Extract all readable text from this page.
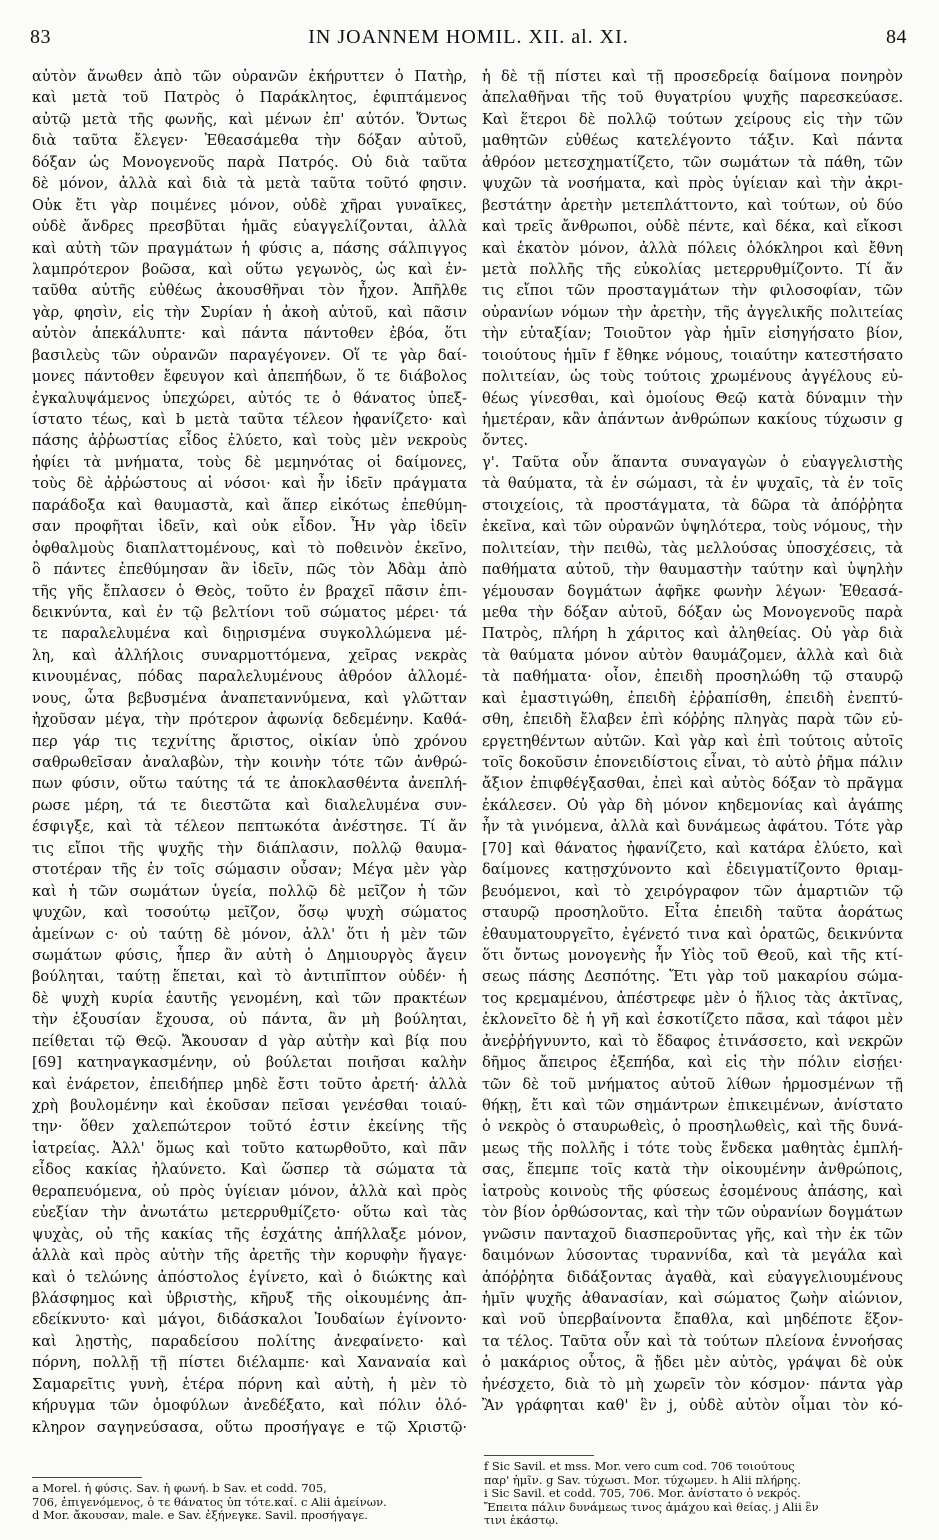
83	IN JOANNEM HOMIL. XII. al. XI.	84
αὐτὸν ἄνωθεν ἀπὸ τῶν οὐρανῶν ἐκήρυττεν ὁ Πατὴρ,
καὶ μετὰ τοῦ Πατρὸς ὁ Παράκλητος, ἐφιπτάμενος
αὐτῷ μετὰ τῆς φωνῆς, καὶ μένων ἐπ' αὐτόν. Ὄντως
διὰ ταῦτα ἔλεγεν· Ἐθεασάμεθα τὴν δόξαν αὐτοῦ,
δόξαν ὡς Μονογενοῦς παρὰ Πατρός. Οὐ διὰ ταῦτα
δὲ μόνον, ἀλλὰ καὶ διὰ τὰ μετὰ ταῦτα τοῦτό φησιν.
Οὐκ ἔτι γὰρ ποιμένες μόνον, οὐδὲ χῆραι γυναῖκες,
οὐδὲ ἄνδρες πρεσβῦται ἡμᾶς εὐαγγελίζονται, ἀλλὰ
καὶ αὐτὴ τῶν πραγμάτων ἡ φύσις a, πάσης σάλπιγγος
λαμπρότερον βοῶσα, καὶ οὕτω γεγωνὸς, ὡς καὶ ἐν-
ταῦθα αὐτῆς εὐθέως ἀκουσθῆναι τὸν ἦχον. Ἀπῆλθε
γὰρ, φησὶν, εἰς τὴν Συρίαν ἡ ἀκοὴ αὐτοῦ, καὶ πᾶσιν
αὐτὸν ἀπεκάλυπτε· καὶ πάντα πάντοθεν ἐβόα, ὅτι
βασιλεὺς τῶν οὐρανῶν παραγέγονεν. Οἵ τε γὰρ δαί-
μονες πάντοθεν ἔφευγον καὶ ἀπεπήδων, ὅ τε διάβολος
ἐγκαλυψάμενος ὑπεχώρει, αὐτός τε ὁ θάνατος ὑπεξ-
ίστατο τέως, καὶ b μετὰ ταῦτα τέλεον ἠφανίζετο· καὶ
πάσης ἀῤῥωστίας εἶδος ἐλύετο, καὶ τοὺς μὲν νεκροὺς
ἠφίει τὰ μνήματα, τοὺς δὲ μεμηνότας οἱ δαίμονες,
τοὺς δὲ ἀῤῥώστους αἱ νόσοι· καὶ ἦν ἰδεῖν πράγματα
παράδοξα καὶ θαυμαστὰ, καὶ ἅπερ εἰκότως ἐπεθύμη-
σαν προφῆται ἰδεῖν, καὶ οὐκ εἶδον. Ἦν γὰρ ἰδεῖν
ὀφθαλμοὺς διαπλαττομένους, καὶ τὸ ποθεινὸν ἐκεῖνο,
ὃ πάντες ἐπεθύμησαν ἂν ἰδεῖν, πῶς τὸν Ἀδὰμ ἀπὸ
τῆς γῆς ἔπλασεν ὁ Θεὸς, τοῦτο ἐν βραχεῖ πᾶσιν ἐπι-
δεικνύντα, καὶ ἐν τῷ βελτίονι τοῦ σώματος μέρει· τά
τε παραλελυμένα καὶ διῃρισμένα συγκολλώμενα μέ-
λη, καὶ ἀλλήλοις συναρμοττόμενα, χεῖρας νεκρὰς
κινουμένας, πόδας παραλελυμένους ἀθρόον ἀλλομέ-
νους, ὦτα βεβυσμένα ἀναπεταννύμενα, καὶ γλῶτταν
ἠχοῦσαν μέγα, τὴν πρότερον ἀφωνίᾳ δεδεμένην. Καθά-
περ γάρ τις τεχνίτης ἄριστος, οἰκίαν ὑπὸ χρόνου
σαθρωθεῖσαν ἀναλαβὼν, τὴν κοινὴν τότε τῶν ἀνθρώ-
πων φύσιν, οὕτω ταύτης τά τε ἀποκλασθέντα ἀνεπλή-
ρωσε μέρη, τά τε διεστῶτα καὶ διαλελυμένα συν-
έσφιγξε, καὶ τὰ τέλεον πεπτωκότα ἀνέστησε. Τί ἄν
τις εἴποι τῆς ψυχῆς τὴν διάπλασιν, πολλῷ θαυμα-
στοτέραν τῆς ἐν τοῖς σώμασιν οὖσαν; Μέγα μὲν γὰρ
καὶ ἡ τῶν σωμάτων ὑγεία, πολλῷ δὲ μεῖζον ἡ τῶν
ψυχῶν, καὶ τοσούτῳ μεῖζον, ὅσῳ ψυχὴ σώματος
ἀμείνων c· οὐ ταύτῃ δὲ μόνον, ἀλλ' ὅτι ἡ μὲν τῶν
σωμάτων φύσις, ἧπερ ἂν αὐτὴ ὁ Δημιουργὸς ἄγειν
βούληται, ταύτῃ ἕπεται, καὶ τὸ ἀντιπῖπτον οὐδέν· ἡ
δὲ ψυχὴ κυρία ἑαυτῆς γενομένη, καὶ τῶν πρακτέων
τὴν ἐξουσίαν ἔχουσα, οὐ πάντα, ἂν μὴ βούληται,
πείθεται τῷ Θεῷ. Ἄκουσαν d γὰρ αὐτὴν καὶ βίᾳ που
[69] κατηναγκασμένην, οὐ βούλεται ποιῆσαι καλὴν
καὶ ἐνάρετον, ἐπειδήπερ μηδὲ ἔστι τοῦτο ἀρετή· ἀλλὰ
χρὴ βουλομένην καὶ ἑκοῦσαν πεῖσαι γενέσθαι τοιαύ-
την· ὅθεν χαλεπώτερον τοῦτό ἐστιν ἐκείνης τῆς
ἰατρείας. Ἀλλ' ὅμως καὶ τοῦτο κατωρθοῦτο, καὶ πᾶν
εἶδος κακίας ἠλαύνετο. Καὶ ὥσπερ τὰ σώματα τὰ
θεραπευόμενα, οὐ πρὸς ὑγίειαν μόνον, ἀλλὰ καὶ πρὸς
εὐεξίαν τὴν ἀνωτάτω μετερρυθμίζετο· οὕτω καὶ τὰς
ψυχὰς, οὐ τῆς κακίας τῆς ἐσχάτης ἀπήλλαξε μόνον,
ἀλλὰ καὶ πρὸς αὐτὴν τῆς ἀρετῆς τὴν κορυφὴν ἤγαγε·
καὶ ὁ τελώνης ἀπόστολος ἐγίνετο, καὶ ὁ διώκτης καὶ
βλάσφημος καὶ ὑβριστὴς, κῆρυξ τῆς οἰκουμένης ἀπ-
εδείκνυτο· καὶ μάγοι, διδάσκαλοι Ἰουδαίων ἐγίνοντο·
καὶ λῃστὴς, παραδείσου πολίτης ἀνεφαίνετο· καὶ
πόρνη, πολλῇ τῇ πίστει διέλαμπε· καὶ Χαναναία καὶ
Σαμαρεῖτις γυνὴ, ἑτέρα πόρνη καὶ αὐτὴ, ἡ μὲν τὸ
κήρυγμα τῶν ὁμοφύλων ἀνεδέξατο, καὶ πόλιν ὁλό-
κληρον σαγηνεύσασα, οὕτω προσήγαγε e τῷ Χριστῷ·
ἡ δὲ τῇ πίστει καὶ τῇ προσεδρείᾳ δαίμονα πονηρὸν
ἀπελαθῆναι τῆς τοῦ θυγατρίου ψυχῆς παρεσκεύασε.
Καὶ ἕτεροι δὲ πολλῷ τούτων χείρους εἰς τὴν τῶν
μαθητῶν εὐθέως κατελέγοντο τάξιν. Καὶ πάντα
ἀθρόον μετεσχηματίζετο, τῶν σωμάτων τὰ πάθη, τῶν
ψυχῶν τὰ νοσήματα, καὶ πρὸς ὑγίειαν καὶ τὴν ἀκρι-
βεστάτην ἀρετὴν μετεπλάττοντο, καὶ τούτων, οὐ δύο
καὶ τρεῖς ἄνθρωποι, οὐδὲ πέντε, καὶ δέκα, καὶ εἴκοσι
καὶ ἑκατὸν μόνον, ἀλλὰ πόλεις ὁλόκληροι καὶ ἔθνη
μετὰ πολλῆς τῆς εὐκολίας μετερρυθμίζοντο. Τί ἄν
τις εἴποι τῶν προσταγμάτων τὴν φιλοσοφίαν, τῶν
οὐρανίων νόμων τὴν ἀρετὴν, τῆς ἀγγελικῆς πολιτείας
τὴν εὐταξίαν; Τοιοῦτον γὰρ ἡμῖν εἰσηγήσατο βίον,
τοιούτους ἡμῖν f ἔθηκε νόμους, τοιαύτην κατεστήσατο
πολιτείαν, ὡς τοὺς τούτοις χρωμένους ἀγγέλους εὐ-
θέως γίνεσθαι, καὶ ὁμοίους Θεῷ κατὰ δύναμιν τὴν
ἡμετέραν, κἂν ἁπάντων ἀνθρώπων κακίους τύχωσιν g
ὄντες.
γ'. Ταῦτα οὖν ἅπαντα συναγαγὼν ὁ εὐαγγελιστὴς
τὰ θαύματα, τὰ ἐν σώμασι, τὰ ἐν ψυχαῖς, τὰ ἐν τοῖς
στοιχείοις, τὰ προστάγματα, τὰ δῶρα τὰ ἀπόῤῥητα
ἐκεῖνα, καὶ τῶν οὐρανῶν ὑψηλότερα, τοὺς νόμους, τὴν
πολιτείαν, τὴν πειθὼ, τὰς μελλούσας ὑποσχέσεις, τὰ
παθήματα αὐτοῦ, τὴν θαυμαστὴν ταύτην καὶ ὑψηλὴν
γέμουσαν δογμάτων ἀφῆκε φωνὴν λέγων· Ἐθεασά-
μεθα τὴν δόξαν αὐτοῦ, δόξαν ὡς Μονογενοῦς παρὰ
Πατρὸς, πλήρη h χάριτος καὶ ἀληθείας. Οὐ γὰρ διὰ
τὰ θαύματα μόνον αὐτὸν θαυμάζομεν, ἀλλὰ καὶ διὰ
τὰ παθήματα· οἷον, ἐπειδὴ προσηλώθη τῷ σταυρῷ
καὶ ἐμαστιγώθη, ἐπειδὴ ἐῤῥαπίσθη, ἐπειδὴ ἐνεπτύ-
σθη, ἐπειδὴ ἔλαβεν ἐπὶ κόῤῥης πληγὰς παρὰ τῶν εὐ-
εργετηθέντων αὐτῶν. Καὶ γὰρ καὶ ἐπὶ τούτοις αὐτοῖς
τοῖς δοκοῦσιν ἐπονειδίστοις εἶναι, τὸ αὐτὸ ῥῆμα πάλιν
ἄξιον ἐπιφθέγξασθαι, ἐπεὶ καὶ αὐτὸς δόξαν τὸ πρᾶγμα
ἐκάλεσεν. Οὐ γὰρ δὴ μόνον κηδεμονίας καὶ ἀγάπης
ἦν τὰ γινόμενα, ἀλλὰ καὶ δυνάμεως ἀφάτου. Τότε γὰρ
[70] καὶ θάνατος ἠφανίζετο, καὶ κατάρα ἐλύετο, καὶ
δαίμονες κατῃσχύνοντο καὶ ἐδειγματίζοντο θριαμ-
βευόμενοι, καὶ τὸ χειρόγραφον τῶν ἁμαρτιῶν τῷ
σταυρῷ προσηλοῦτο. Εἶτα ἐπειδὴ ταῦτα ἀοράτως
ἐθαυματουργεῖτο, ἐγένετό τινα καὶ ὁρατῶς, δεικνύντα
ὅτι ὄντως μονογενὴς ἦν Υἱὸς τοῦ Θεοῦ, καὶ τῆς κτί-
σεως πάσης Δεσπότης. Ἔτι γὰρ τοῦ μακαρίου σώμα-
τος κρεμαμένου, ἀπέστρεφε μὲν ὁ ἥλιος τὰς ἀκτῖνας,
ἐκλονεῖτο δὲ ἡ γῆ καὶ ἐσκοτίζετο πᾶσα, καὶ τάφοι μὲν
ἀνεῤῥήγνυντο, καὶ τὸ ἔδαφος ἐτινάσσετο, καὶ νεκρῶν
δῆμος ἄπειρος ἐξεπήδα, καὶ εἰς τὴν πόλιν εἰσῄει·
τῶν δὲ τοῦ μνήματος αὐτοῦ λίθων ἡρμοσμένων τῇ
θήκῃ, ἔτι καὶ τῶν σημάντρων ἐπικειμένων, ἀνίστατο
ὁ νεκρὸς ὁ σταυρωθεὶς, ὁ προσηλωθεὶς, καὶ τῆς δυνά-
μεως τῆς πολλῆς i τότε τοὺς ἕνδεκα μαθητὰς ἐμπλή-
σας, ἔπεμπε τοῖς κατὰ τὴν οἰκουμένην ἀνθρώποις,
ἰατροὺς κοινοὺς τῆς φύσεως ἐσομένους ἁπάσης, καὶ
τὸν βίον ὀρθώσοντας, καὶ τὴν τῶν οὐρανίων δογμάτων
γνῶσιν πανταχοῦ διασπεροῦντας γῆς, καὶ τὴν ἐκ τῶν
δαιμόνων λύσοντας τυραννίδα, καὶ τὰ μεγάλα καὶ
ἀπόῤῥητα διδάξοντας ἀγαθὰ, καὶ εὐαγγελιουμένους
ἡμῖν ψυχῆς ἀθανασίαν, καὶ σώματος ζωὴν αἰώνιον,
καὶ νοῦ ὑπερβαίνοντα ἔπαθλα, καὶ μηδέποτε ἕξον-
τα τέλος. Ταῦτα οὖν καὶ τὰ τούτων πλείονα ἐννοήσας
ὁ μακάριος οὗτος, ἃ ᾔδει μὲν αὐτὸς, γράψαι δὲ οὐκ
ἠνέσχετο, διὰ τὸ μὴ χωρεῖν τὸν κόσμον· πάντα γὰρ
Ἂν γράφηται καθ' ἓν j, οὐδὲ αὐτὸν οἶμαι τὸν κό-
a Morel. ἡ φύσις. Sav. ἡ φωνή. b Sav. et codd. 705,
706, ἐπιγενόμενος, ὁ τε θάνατος ὑπ τότε.καί. c Alii ἀμείνων.
d Mor. ἄκουσαν, male. e Sav. ἐξήνεγκε. Savil. προσήγαγε.
f Sic Savil. et mss. Mor. vero cum cod. 706 τοιούτους
παρ' ἡμῖν. g Sav. τύχωσι. Mor. τύχωμεν. h Alii πλήρης.
i Sic Savil. et codd. 705, 706. Mor. ἀνίστατο ὁ νεκρός.
Ἔπειτα πάλιν δυνάμεως τινος ἀμάχου καὶ θείας. j Alii ἓν
τινι ἑκάστῳ.
